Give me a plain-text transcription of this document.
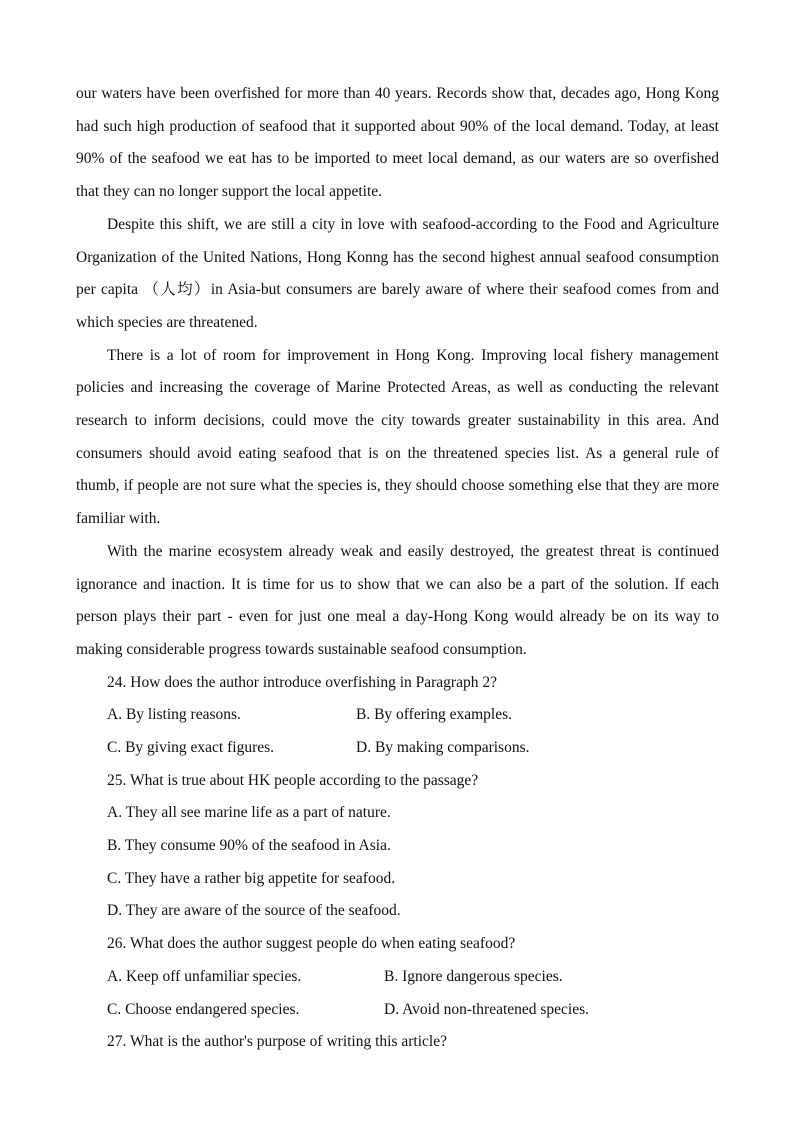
our waters have been overfished for more than 40 years. Records show that, decades ago, Hong Kong had such high production of seafood that it supported about 90% of the local demand. Today, at least 90% of the seafood we eat has to be imported to meet local demand, as our waters are so overfished that they can no longer support the local appetite.

Despite this shift, we are still a city in love with seafood-according to the Food and Agriculture Organization of the United Nations, Hong Konng has the second highest annual seafood consumption per capita （人均）in Asia-but consumers are barely aware of where their seafood comes from and which species are threatened.

There is a lot of room for improvement in Hong Kong. Improving local fishery management policies and increasing the coverage of Marine Protected Areas, as well as conducting the relevant research to inform decisions, could move the city towards greater sustainability in this area. And consumers should avoid eating seafood that is on the threatened species list. As a general rule of thumb, if people are not sure what the species is, they should choose something else that they are more familiar with.

With the marine ecosystem already weak and easily destroyed, the greatest threat is continued ignorance and inaction. It is time for us to show that we can also be a part of the solution. If each person plays their part - even for just one meal a day-Hong Kong would already be on its way to making considerable progress towards sustainable seafood consumption.

24. How does the author introduce overfishing in Paragraph 2?
A. By listing reasons.	B. By offering examples.
C. By giving exact figures.	D. By making comparisons.
25. What is true about HK people according to the passage?
A. They all see marine life as a part of nature.
B. They consume 90% of the seafood in Asia.
C. They have a rather big appetite for seafood.
D. They are aware of the source of the seafood.
26. What does the author suggest people do when eating seafood?
A. Keep off unfamiliar species.	B. Ignore dangerous species.
C. Choose endangered species.	D. Avoid non-threatened species.
27. What is the author's purpose of writing this article?
